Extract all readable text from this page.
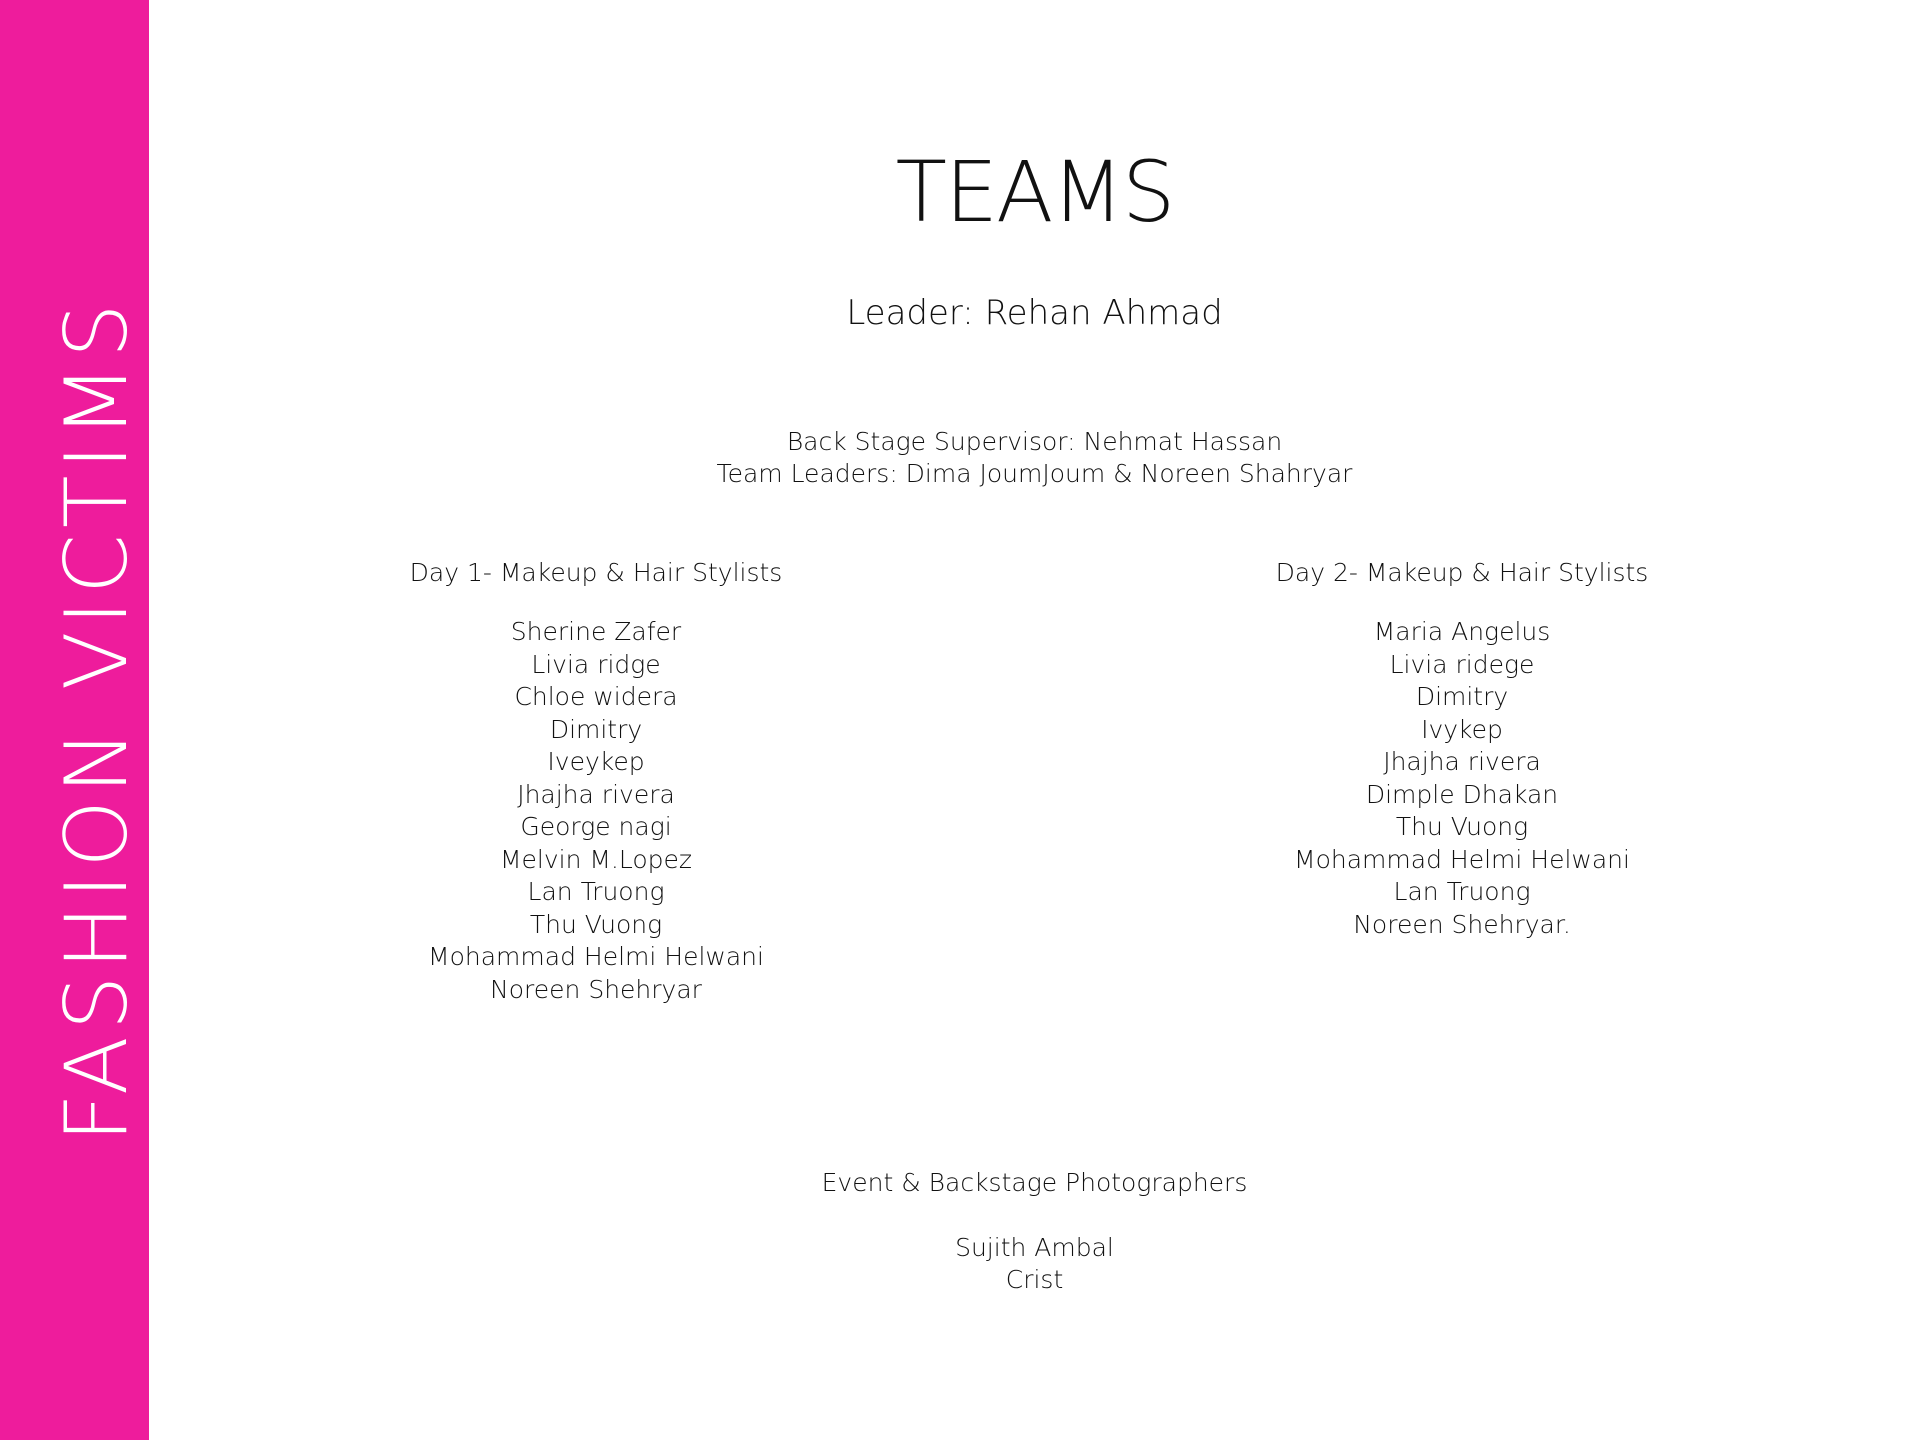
FASHION VICTIMS
TEAMS
Leader: Rehan Ahmad
Back Stage Supervisor: Nehmat Hassan
Team Leaders: Dima JoumJoum & Noreen Shahryar
Day 1- Makeup & Hair Stylists
Sherine Zafer
Livia ridge
Chloe widera
Dimitry
Iveykep
Jhajha rivera
George nagi
Melvin M.Lopez
Lan Truong
Thu Vuong
Mohammad Helmi Helwani
Noreen Shehryar
Day 2- Makeup & Hair Stylists
Maria Angelus
Livia ridege
Dimitry
Ivykep
Jhajha rivera
Dimple Dhakan
Thu Vuong
Mohammad Helmi Helwani
Lan Truong
Noreen Shehryar.
Event & Backstage Photographers
Sujith Ambal
Crist
